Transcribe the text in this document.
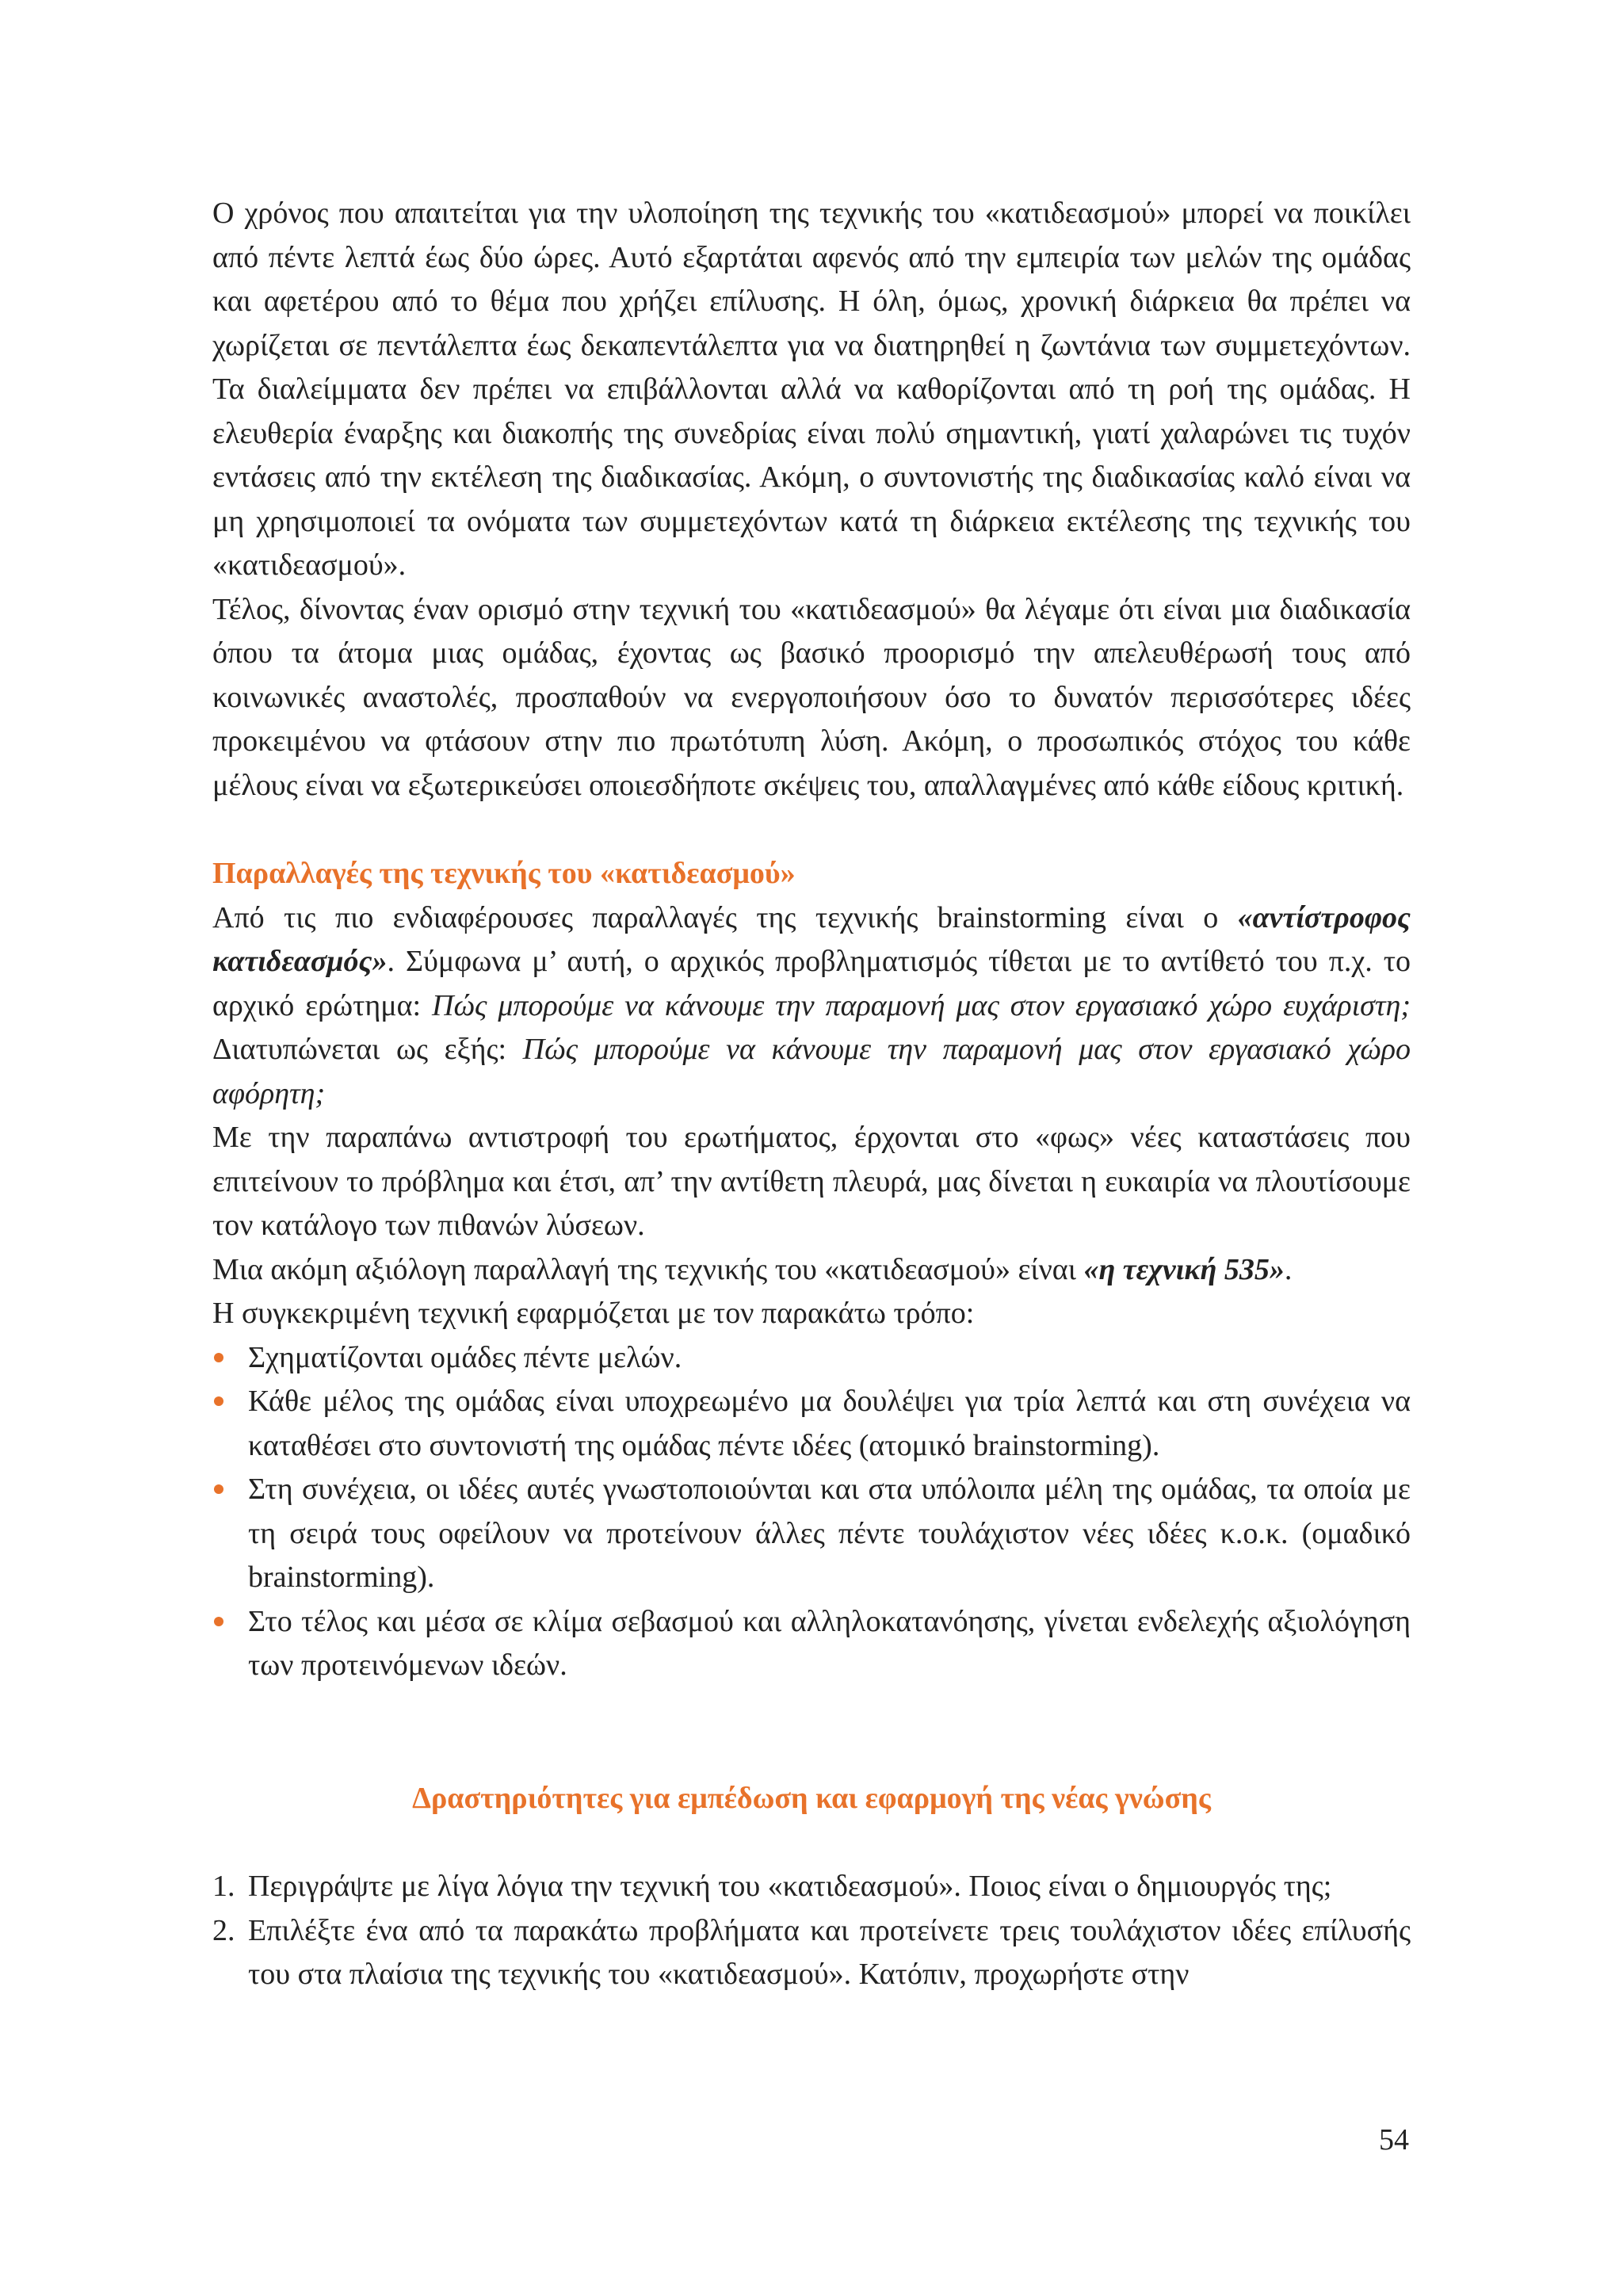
Ο χρόνος που απαιτείται για την υλοποίηση της τεχνικής του «κατιδεασμού» μπορεί να ποικίλει από πέντε λεπτά έως δύο ώρες. Αυτό εξαρτάται αφενός από την εμπειρία των μελών της ομάδας και αφετέρου από το θέμα που χρήζει επίλυσης. Η όλη, όμως, χρονική διάρκεια θα πρέπει να χωρίζεται σε πεντάλεπτα έως δεκαπεντάλεπτα για να διατηρηθεί η ζωντάνια των συμμετεχόντων. Τα διαλείμματα δεν πρέπει να επιβάλλονται αλλά να καθορίζονται από τη ροή της ομάδας. Η ελευθερία έναρξης και διακοπής της συνεδρίας είναι πολύ σημαντική, γιατί χαλαρώνει τις τυχόν εντάσεις από την εκτέλεση της διαδικασίας. Ακόμη, ο συντονιστής της διαδικασίας καλό είναι να μη χρησιμοποιεί τα ονόματα των συμμετεχόντων κατά τη διάρκεια εκτέλεσης της τεχνικής του «κατιδεασμού».

Τέλος, δίνοντας έναν ορισμό στην τεχνική του «κατιδεασμού» θα λέγαμε ότι είναι μια διαδικασία όπου τα άτομα μιας ομάδας, έχοντας ως βασικό προορισμό την απελευθέρωσή τους από κοινωνικές αναστολές, προσπαθούν να ενεργοποιήσουν όσο το δυνατόν περισσότερες ιδέες προκειμένου να φτάσουν στην πιο πρωτότυπη λύση. Ακόμη, ο προσωπικός στόχος του κάθε μέλους είναι να εξωτερικεύσει οποιεσδήποτε σκέψεις του, απαλλαγμένες από κάθε είδους κριτική.

Παραλλαγές της τεχνικής του «κατιδεασμού»

Από τις πιο ενδιαφέρουσες παραλλαγές της τεχνικής brainstorming είναι ο «αντίστροφος κατιδεασμός». Σύμφωνα μ’ αυτή, ο αρχικός προβληματισμός τίθεται με το αντίθετό του π.χ. το αρχικό ερώτημα: Πώς μπορούμε να κάνουμε την παραμονή μας στον εργασιακό χώρο ευχάριστη; Διατυπώνεται ως εξής: Πώς μπορούμε να κάνουμε την παραμονή μας στον εργασιακό χώρο αφόρητη;

Με την παραπάνω αντιστροφή του ερωτήματος, έρχονται στο «φως» νέες καταστάσεις που επιτείνουν το πρόβλημα και έτσι, απ’ την αντίθετη πλευρά, μας δίνεται η ευκαιρία να πλουτίσουμε τον κατάλογο των πιθανών λύσεων.

Μια ακόμη αξιόλογη παραλλαγή της τεχνικής του «κατιδεασμού» είναι «η τεχνική 535».

Η συγκεκριμένη τεχνική εφαρμόζεται με τον παρακάτω τρόπο:

Σχηματίζονται ομάδες πέντε μελών.
Κάθε μέλος της ομάδας είναι υποχρεωμένο μα δουλέψει για τρία λεπτά και στη συνέχεια να καταθέσει στο συντονιστή της ομάδας πέντε ιδέες (ατομικό brainstorming).
Στη συνέχεια, οι ιδέες αυτές γνωστοποιούνται και στα υπόλοιπα μέλη της ομάδας, τα οποία με τη σειρά τους οφείλουν να προτείνουν άλλες πέντε τουλάχιστον νέες ιδέες κ.ο.κ. (ομαδικό brainstorming).
Στο τέλος και μέσα σε κλίμα σεβασμού και αλληλοκατανόησης, γίνεται ενδελεχής αξιολόγηση των προτεινόμενων ιδεών.

Δραστηριότητες για εμπέδωση και εφαρμογή της νέας γνώσης

1. Περιγράψτε με λίγα λόγια την τεχνική του «κατιδεασμού». Ποιος είναι ο δημιουργός της;
2. Επιλέξτε ένα από τα παρακάτω προβλήματα και προτείνετε τρεις τουλάχιστον ιδέες επίλυσής του στα πλαίσια της τεχνικής του «κατιδεασμού». Κατόπιν, προχωρήστε στην
54
